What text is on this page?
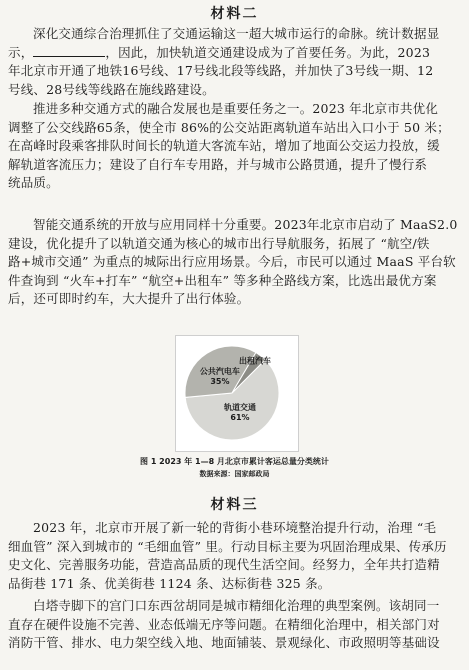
材料二
深化交通综合治理抓住了交通运输这一超大城市运行的命脉。统计数据显
示，	，因此，加快轨道交通建设成为了首要任务。为此，2023
年北京市开通了地铁16号线、17号线北段等线路，并加快了3号线一期、12
号线、28号线等线路在施线路建设。
推进多种交通方式的融合发展也是重要任务之一。2023 年北京市共优化
调整了公交线路65条，使全市 86%的公交站距离轨道车站出入口小于 50 米；
在高峰时段乘客排队时间长的轨道大客流车站，增加了地面公交运力投放，缓
解轨道客流压力；建设了自行车专用路，并与城市公路贯通，提升了慢行系
统品质。
智能交通系统的开放与应用同样十分重要。2023年北京市启动了 MaaS2.0
建设，优化提升了以轨道交通为核心的城市出行导航服务，拓展了 “航空/铁
路+城市交通” 为重点的城际出行应用场景。今后，市民可以通过 MaaS 平台软
件查询到 “火车+打车” “航空+出租车” 等多种全路线方案，比选出最优方案
后，还可即时约车，大大提升了出行体验。
轨道交通
61%
公共汽电车
35%
出租汽车
图 1 2023 年 1—8 月北京市累计客运总量分类统计
数据来源：国家邮政局
材料三
2023 年，北京市开展了新一轮的背街小巷环境整治提升行动，治理 “毛
细血管” 深入到城市的 “毛细血管” 里。行动目标主要为巩固治理成果、传承历
史文化、完善服务功能，营造高品质的现代生活空间。经努力，全年共打造精
品街巷 171 条、优美街巷 1124 条、达标街巷 325 条。
白塔寺脚下的宫门口东西岔胡同是城市精细化治理的典型案例。该胡同一
直存在硬件设施不完善、业态低端无序等问题。在精细化治理中，相关部门对
消防干管、排水、电力架空线入地、地面铺装、景观绿化、市政照明等基础设
